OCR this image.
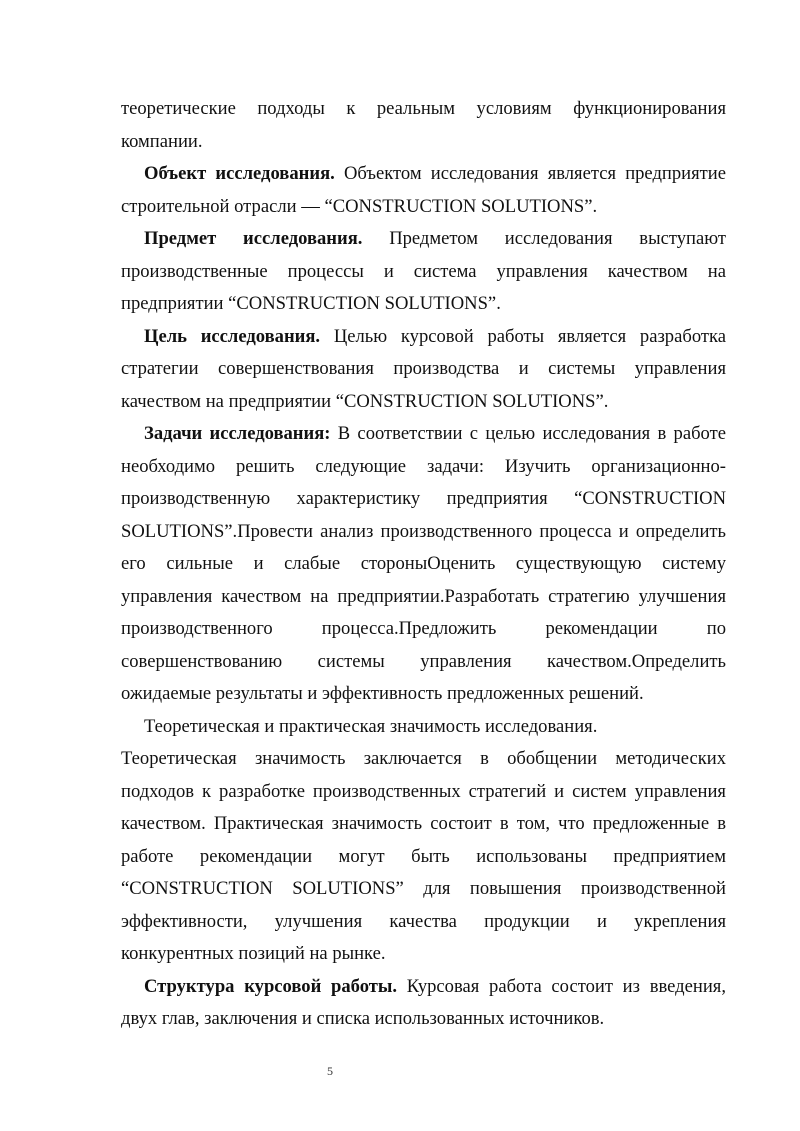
теоретические подходы к реальным условиям функционирования
компании.
Объект исследования. Объектом исследования является предприятие
строительной отрасли — “CONSTRUCTION SOLUTIONS”.
Предмет исследования. Предметом исследования выступают
производственные процессы и система управления качеством на
предприятии “CONSTRUCTION SOLUTIONS”.
Цель исследования. Целью курсовой работы является разработка
стратегии совершенствования производства и системы управления
качеством на предприятии “CONSTRUCTION SOLUTIONS”.
Задачи исследования: В соответствии с целью исследования в работе
необходимо решить следующие задачи: Изучить организационно-
производственную характеристику предприятия “CONSTRUCTION
SOLUTIONS”.Провести анализ производственного процесса и определить
его сильные и слабые стороныОценить существующую систему
управления качеством на предприятии.Разработать стратегию улучшения
производственного процесса.Предложить рекомендации по
совершенствованию системы управления качеством.Определить
ожидаемые результаты и эффективность предложенных решений.
Теоретическая и практическая значимость исследования.
Теоретическая значимость заключается в обобщении методических
подходов к разработке производственных стратегий и систем управления
качеством. Практическая значимость состоит в том, что предложенные в
работе рекомендации могут быть использованы предприятием
“CONSTRUCTION SOLUTIONS” для повышения производственной
эффективности, улучшения качества продукции и укрепления
конкурентных позиций на рынке.
Структура курсовой работы. Курсовая работа состоит из введения,
двух глав, заключения и списка использованных источников.
5
